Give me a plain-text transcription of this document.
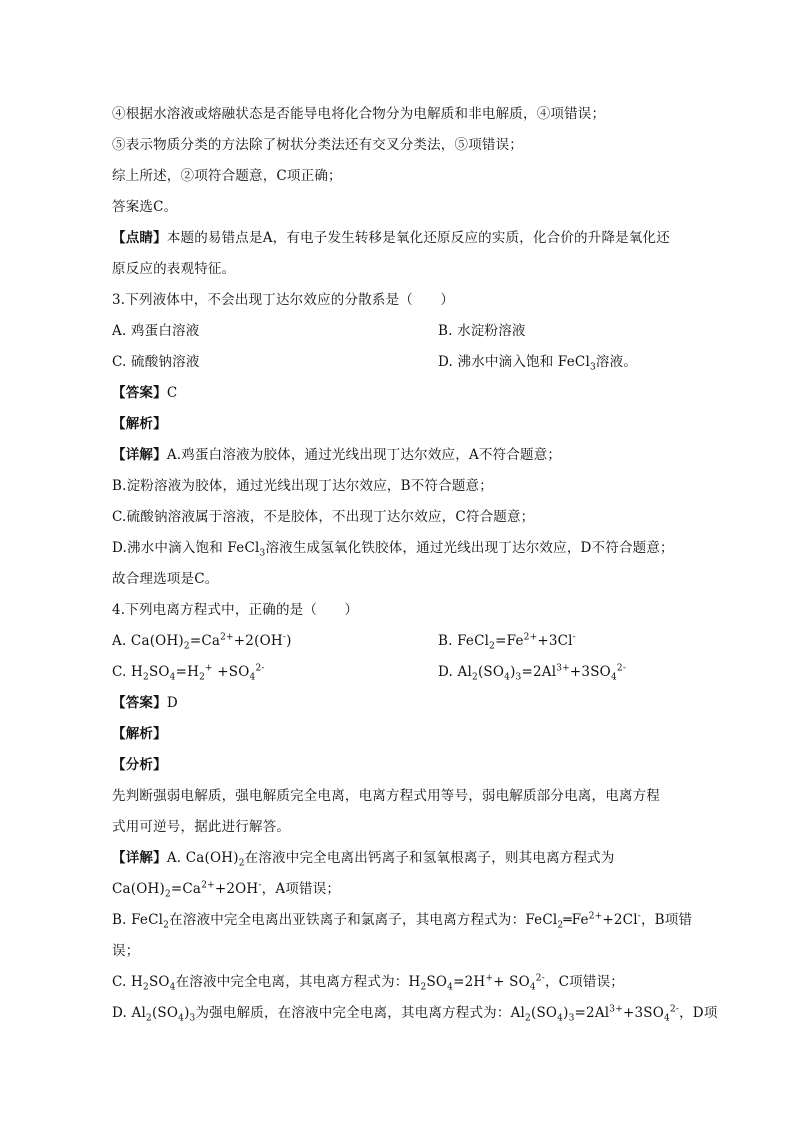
④根据水溶液或熔融状态是否能导电将化合物分为电解质和非电解质，④项错误；
⑤表示物质分类的方法除了树状分类法还有交叉分类法，⑤项错误；
综上所述，②项符合题意，C项正确；
答案选C。
【点睛】本题的易错点是A，有电子发生转移是氧化还原反应的实质，化合价的升降是氧化还
原反应的表观特征。
3.下列液体中，不会出现丁达尔效应的分散系是（　　）
A. 鸡蛋白溶液	B. 水淀粉溶液
C. 硫酸钠溶液	D. 沸水中滴入饱和 FeCl$_3$溶液。
【答案】C
【解析】
【详解】A.鸡蛋白溶液为胶体，通过光线出现丁达尔效应，A不符合题意；
B.淀粉溶液为胶体，通过光线出现丁达尔效应，B不符合题意；
C.硫酸钠溶液属于溶液，不是胶体，不出现丁达尔效应，C符合题意；
D.沸水中滴入饱和 FeCl$_3$溶液生成氢氧化铁胶体，通过光线出现丁达尔效应，D不符合题意；
故合理选项是C。
4.下列电离方程式中，正确的是（　　）
A. $Ca(OH)_2=Ca^{2+}+2(OH^-)$	B. $FeCl_2=Fe^{2+}+3Cl^-$
C. $H_2SO_4=H_2^+ +SO_4^{2-}$	D. $Al_2(SO_4)_3=2Al^{3+}+3SO_4^{2-}$
【答案】D
【解析】
【分析】
先判断强弱电解质，强电解质完全电离，电离方程式用等号，弱电解质部分电离，电离方程
式用可逆号，据此进行解答。
【详解】A. $Ca(OH)_2$在溶液中完全电离出钙离子和氢氧根离子，则其电离方程式为
$Ca(OH)_2=Ca^{2+}+2OH^-$，A项错误；
B. FeCl$_2$在溶液中完全电离出亚铁离子和氯离子，其电离方程式为：$FeCl_2═Fe^{2+}+2Cl^-$，B项错
误；
C. $H_2SO_4$在溶液中完全电离，其电离方程式为：$H_2SO_4=2H^++ SO_4^{2-}$，C项错误；
D. $Al_2(SO_4)_3$为强电解质，在溶液中完全电离，其电离方程式为：$Al_2(SO_4)_3=2Al^{3+}+3SO_4^{2-}$，D项
